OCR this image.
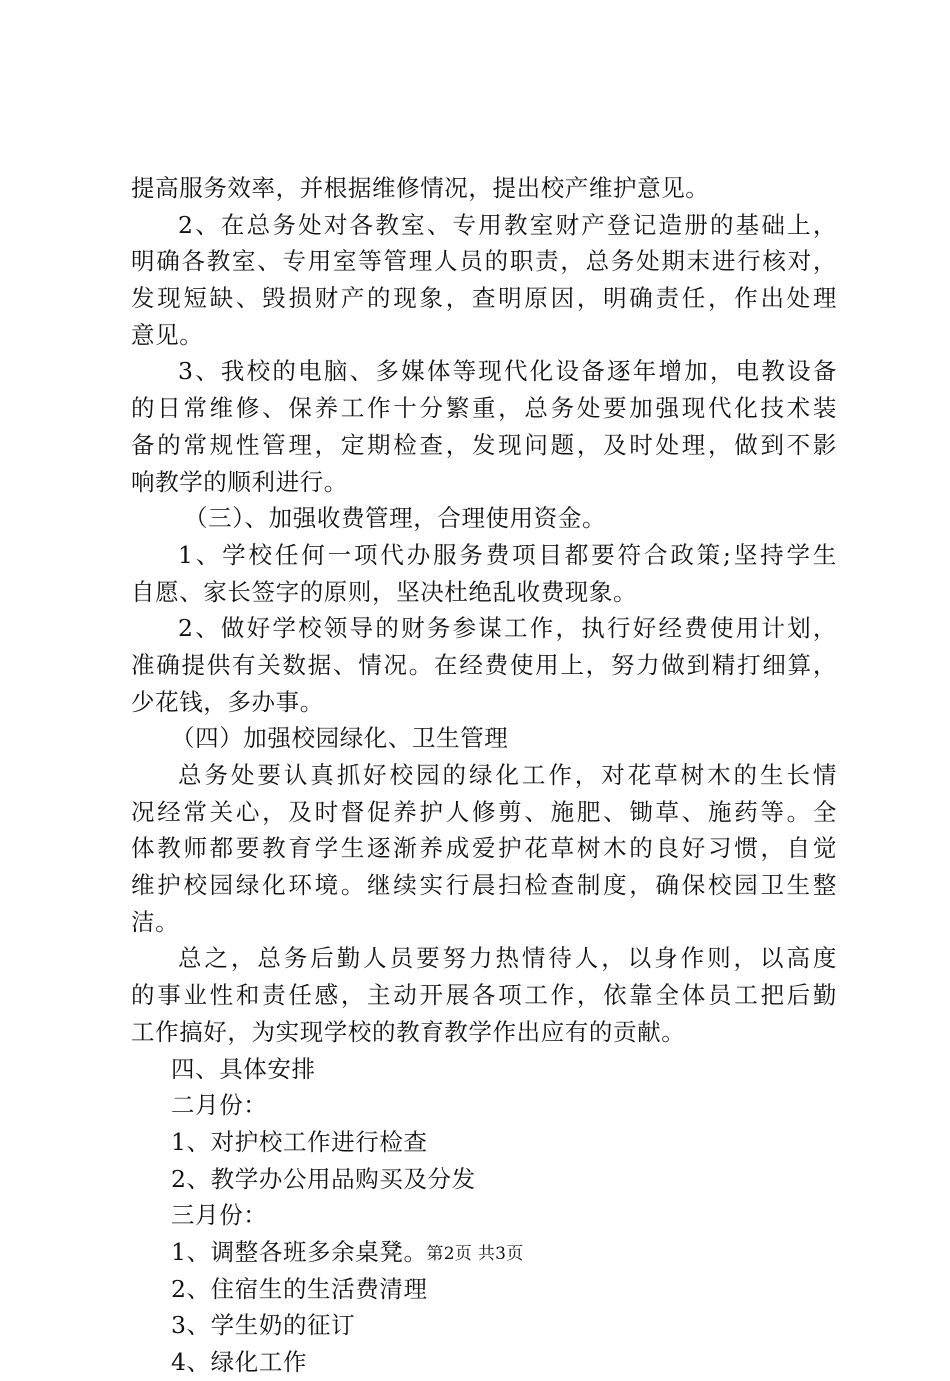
提高服务效率，并根据维修情况，提出校产维护意见。
2、在总务处对各教室、专用教室财产登记造册的基础上，
明确各教室、专用室等管理人员的职责，总务处期末进行核对，
发现短缺、毁损财产的现象，查明原因，明确责任，作出处理
意见。
3、我校的电脑、多媒体等现代化设备逐年增加，电教设备
的日常维修、保养工作十分繁重，总务处要加强现代化技术装
备的常规性管理，定期检查，发现问题，及时处理，做到不影
响教学的顺利进行。
（三）、加强收费管理，合理使用资金。
1、学校任何一项代办服务费项目都要符合政策;坚持学生
自愿、家长签字的原则，坚决杜绝乱收费现象。
2、做好学校领导的财务参谋工作，执行好经费使用计划，
准确提供有关数据、情况。在经费使用上，努力做到精打细算，
少花钱，多办事。
（四）加强校园绿化、卫生管理
总务处要认真抓好校园的绿化工作，对花草树木的生长情
况经常关心，及时督促养护人修剪、施肥、锄草、施药等。全
体教师都要教育学生逐渐养成爱护花草树木的良好习惯，自觉
维护校园绿化环境。继续实行晨扫检查制度，确保校园卫生整
洁。
总之，总务后勤人员要努力热情待人，以身作则，以高度
的事业性和责任感，主动开展各项工作，依靠全体员工把后勤
工作搞好，为实现学校的教育教学作出应有的贡献。
四、具体安排
二月份：
1、对护校工作进行检查
2、教学办公用品购买及分发
三月份：
1、调整各班多余桌凳。
2、住宿生的生活费清理
3、学生奶的征订
4、绿化工作
第2页 共3页
